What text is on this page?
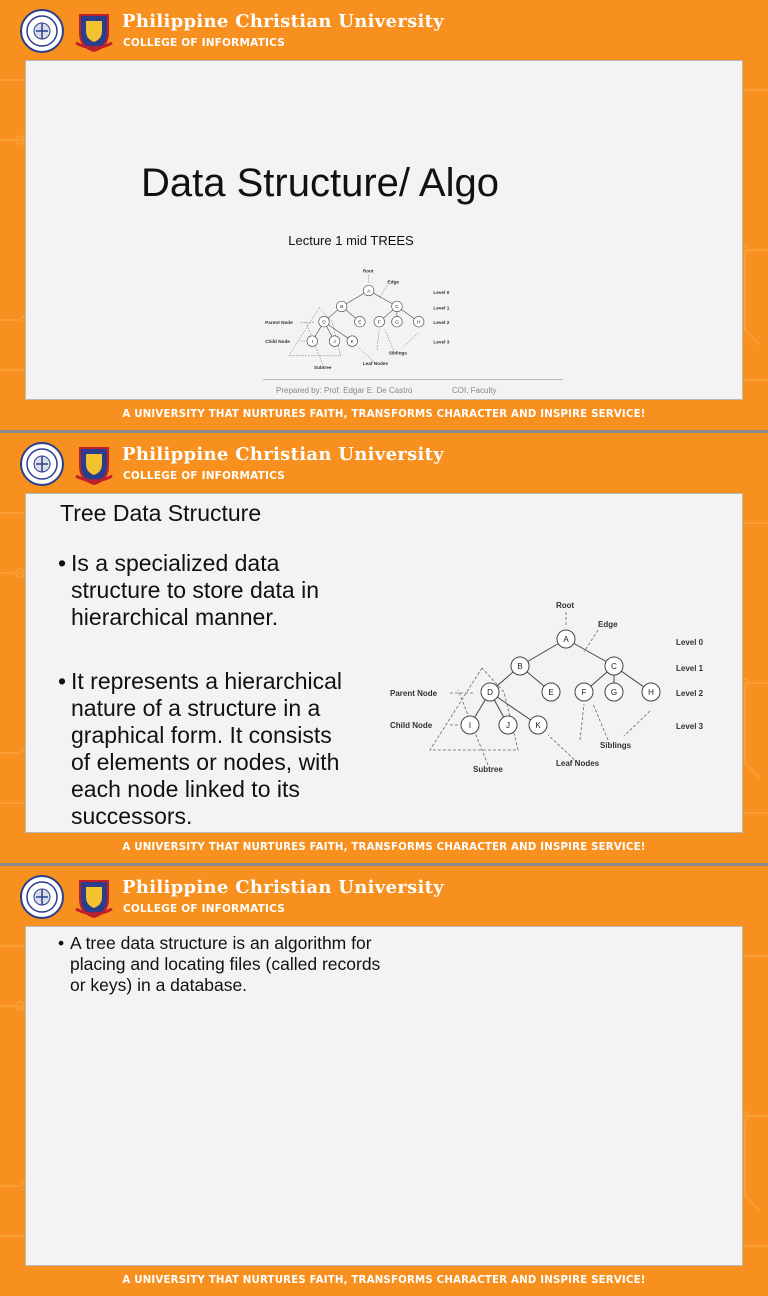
Philippine Christian University
COLLEGE OF INFORMATICS
A UNIVERSITY THAT NURTURES FAITH, TRANSFORMS CHARACTER AND INSPIRE SERVICE!
Data Structure/ Algo
Lecture 1 mid TREES
A
B	C
D	E F G H
I	J K
Root
Edge
Parent Node
Child Node
Subtree
Leaf Nodes
Siblings
Level 0
Level 1
Level 2
Level 3
Prepared by: Prof. Edgar E. De Castro	COI, Faculty
Philippine Christian University
COLLEGE OF INFORMATICS
A UNIVERSITY THAT NURTURES FAITH, TRANSFORMS CHARACTER AND INSPIRE SERVICE!
Tree Data Structure
• Is a specialized data
structure to store data in
hierarchical manner.
• It represents a hierarchical
nature of a structure in a
graphical form. It consists
of elements or nodes, with
each node linked to its
successors.
A
B	C
D	E	F	G	H
I	J	K
Root
Edge
Parent Node
Child Node
Subtree
Leaf Nodes
Siblings
Level 0
Level 1
Level 2
Level 3
Philippine Christian University
COLLEGE OF INFORMATICS
A UNIVERSITY THAT NURTURES FAITH, TRANSFORMS CHARACTER AND INSPIRE SERVICE!
• A tree data structure is an algorithm for
placing and locating files (called records
or keys) in a database.
